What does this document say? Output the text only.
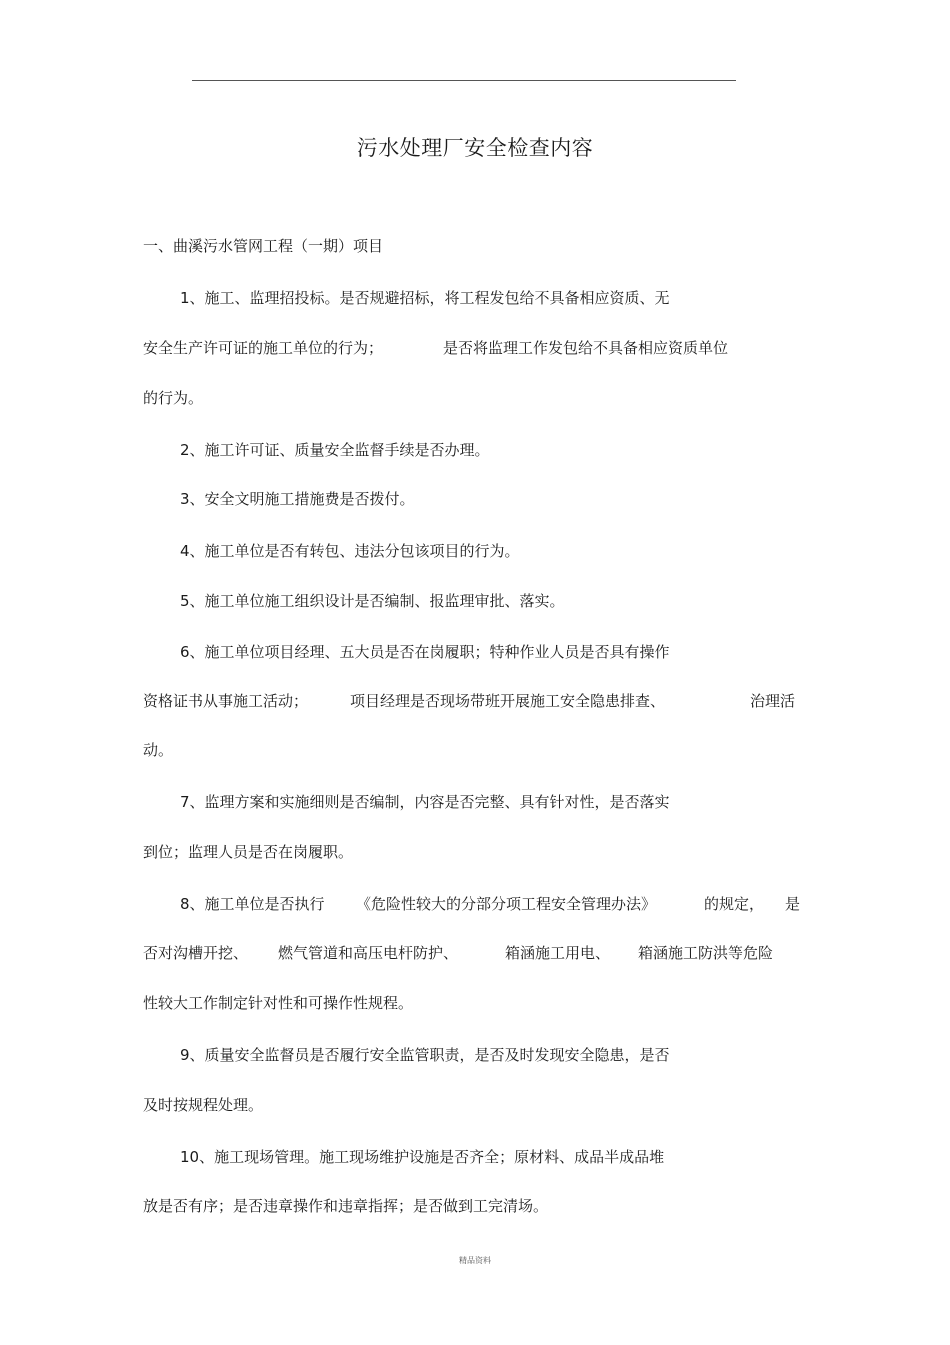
污水处理厂安全检查内容
一、曲溪污水管网工程（一期）项目
1、施工、监理招投标。是否规避招标，将工程发包给不具备相应资质、无
安全生产许可证的施工单位的行为；	是否将监理工作发包给不具备相应资质单位
的行为。
2、施工许可证、质量安全监督手续是否办理。
3、安全文明施工措施费是否拨付。
4、施工单位是否有转包、违法分包该项目的行为。
5、施工单位施工组织设计是否编制、报监理审批、落实。
6、施工单位项目经理、五大员是否在岗履职；特种作业人员是否具有操作
资格证书从事施工活动；	项目经理是否现场带班开展施工安全隐患排查、	治理活
动。
7、监理方案和实施细则是否编制，内容是否完整、具有针对性，是否落实
到位；监理人员是否在岗履职。
8、施工单位是否执行 《危险性较大的分部分项工程安全管理办法》	的规定， 是
否对沟槽开挖、 燃气管道和高压电杆防护、	箱涵施工用电、 箱涵施工防洪等危险
性较大工作制定针对性和可操作性规程。
9、质量安全监督员是否履行安全监管职责，是否及时发现安全隐患，是否
及时按规程处理。
10、施工现场管理。施工现场维护设施是否齐全；原材料、成品半成品堆
放是否有序；是否违章操作和违章指挥；是否做到工完清场。
精品资料
